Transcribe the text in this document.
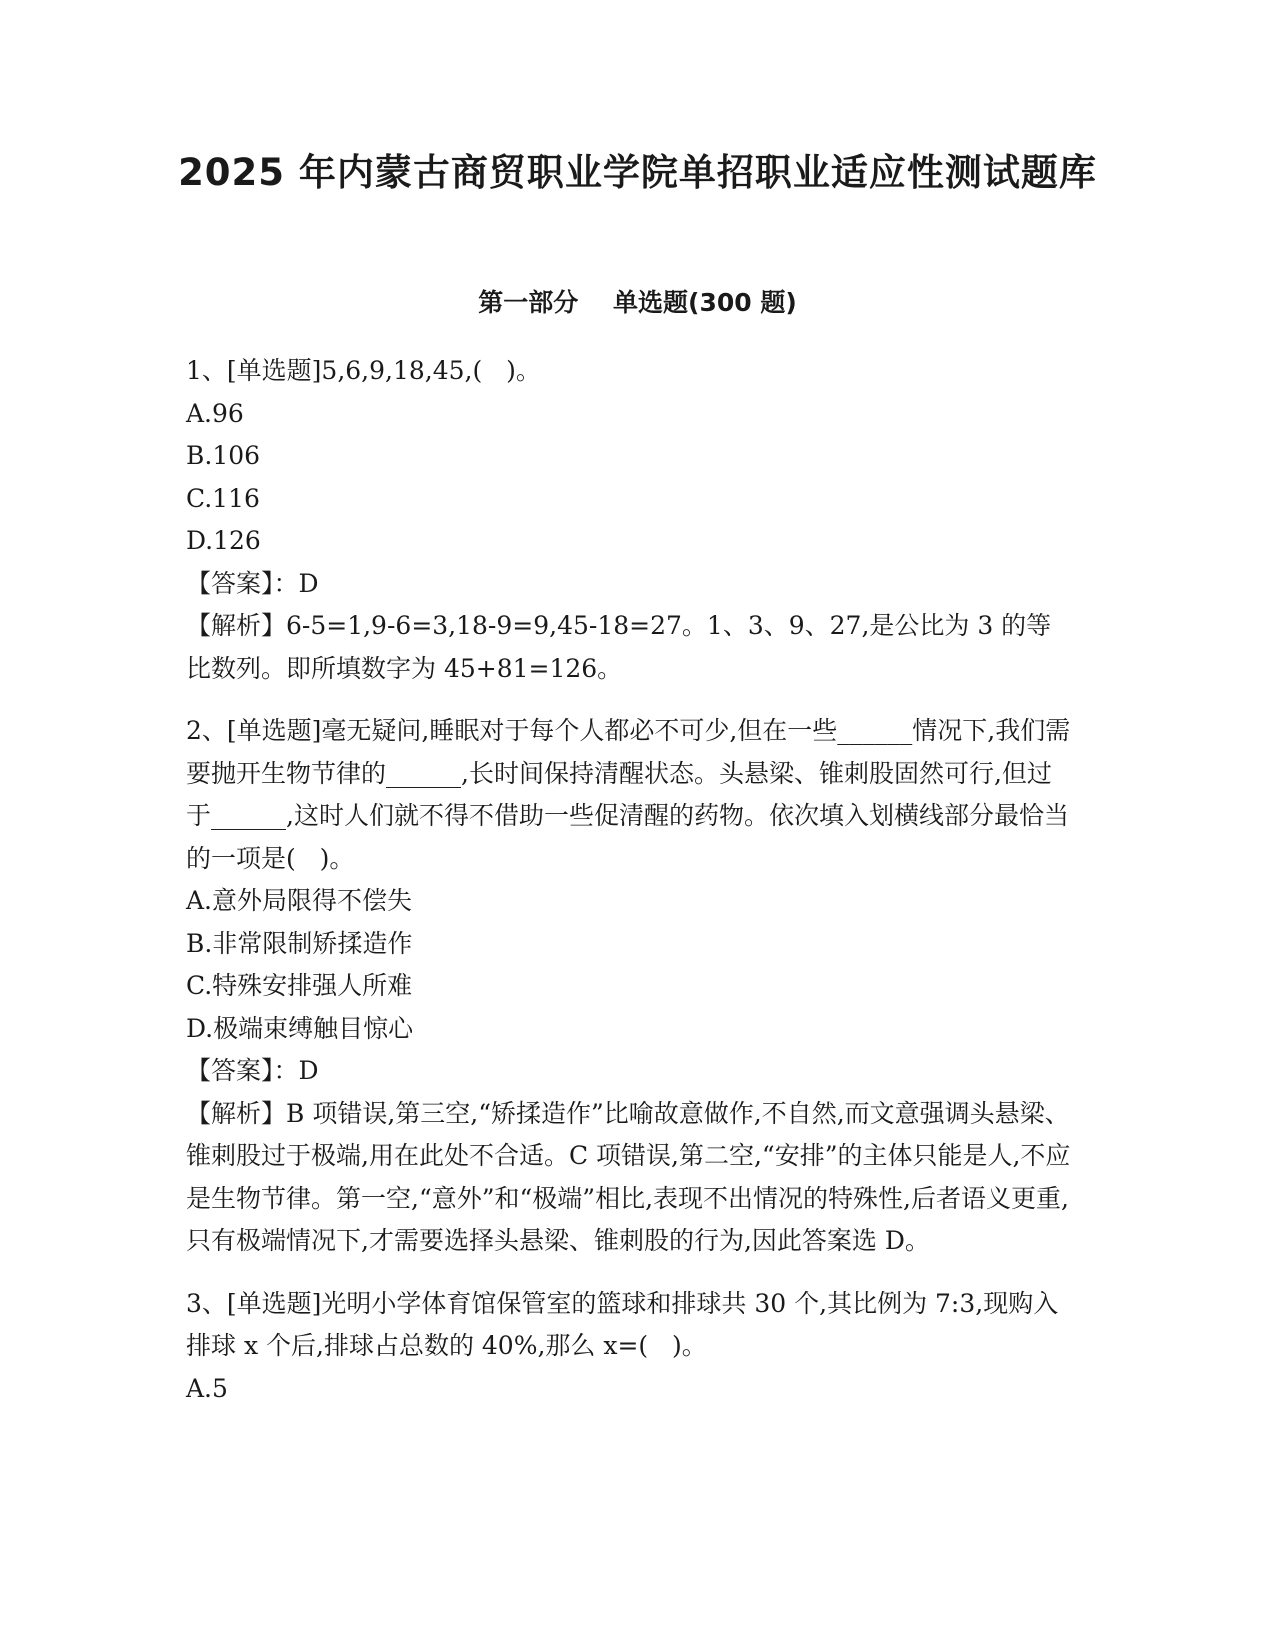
2025 年内蒙古商贸职业学院单招职业适应性测试题库
第一部分    单选题(300 题)

1、[单选题]5,6,9,18,45,(   )。

A.96

B.106

C.116

D.126

【答案】：D

【解析】6-5=1,9-6=3,18-9=9,45-18=27。1、3、9、27,是公比为 3 的等比数列。即所填数字为 45+81=126。

2、[单选题]毫无疑问,睡眠对于每个人都必不可少,但在一些______情况下,我们需要抛开生物节律的______,长时间保持清醒状态。头悬梁、锥刺股固然可行,但过于______,这时人们就不得不借助一些促清醒的药物。依次填入划横线部分最恰当的一项是(   )。

A.意外局限得不偿失

B.非常限制矫揉造作

C.特殊安排强人所难

D.极端束缚触目惊心

【答案】：D

【解析】B 项错误,第三空,“矫揉造作”比喻故意做作,不自然,而文意强调头悬梁、锥刺股过于极端,用在此处不合适。C 项错误,第二空,“安排”的主体只能是人,不应是生物节律。第一空,“意外”和“极端”相比,表现不出情况的特殊性,后者语义更重,只有极端情况下,才需要选择头悬梁、锥刺股的行为,因此答案选 D。

3、[单选题]光明小学体育馆保管室的篮球和排球共 30 个,其比例为 7:3,现购入排球 x 个后,排球占总数的 40%,那么 x=(   )。

A.5
